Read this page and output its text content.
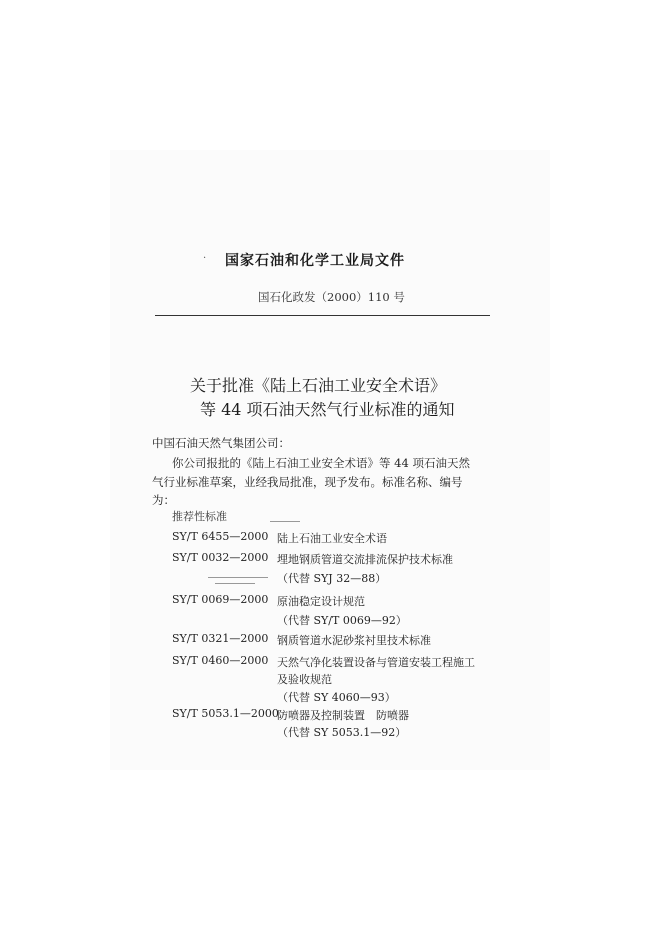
. 国家石油和化学工业局文件
国石化政发（2000）110 号
关于批准《陆上石油工业安全术语》
等 44 项石油天然气行业标准的通知
中国石油天然气集团公司：
你公司报批的《陆上石油工业安全术语》等 44 项石油天然
气行业标准草案，业经我局批准，现予发布。标准名称、编号
为：
推荐性标准
SY/T 6455—2000 陆上石油工业安全术语
SY/T 0032—2000 埋地钢质管道交流排流保护技术标准
（代替 SYJ 32—88）
SY/T 0069—2000 原油稳定设计规范
（代替 SY/T 0069—92）
SY/T 0321—2000 钢质管道水泥砂浆衬里技术标准
SY/T 0460—2000 天然气净化装置设备与管道安装工程施工
及验收规范
（代替 SY 4060—93）
SY/T 5053.1—2000
防喷器及控制装置　防喷器
（代替 SY 5053.1—92）
